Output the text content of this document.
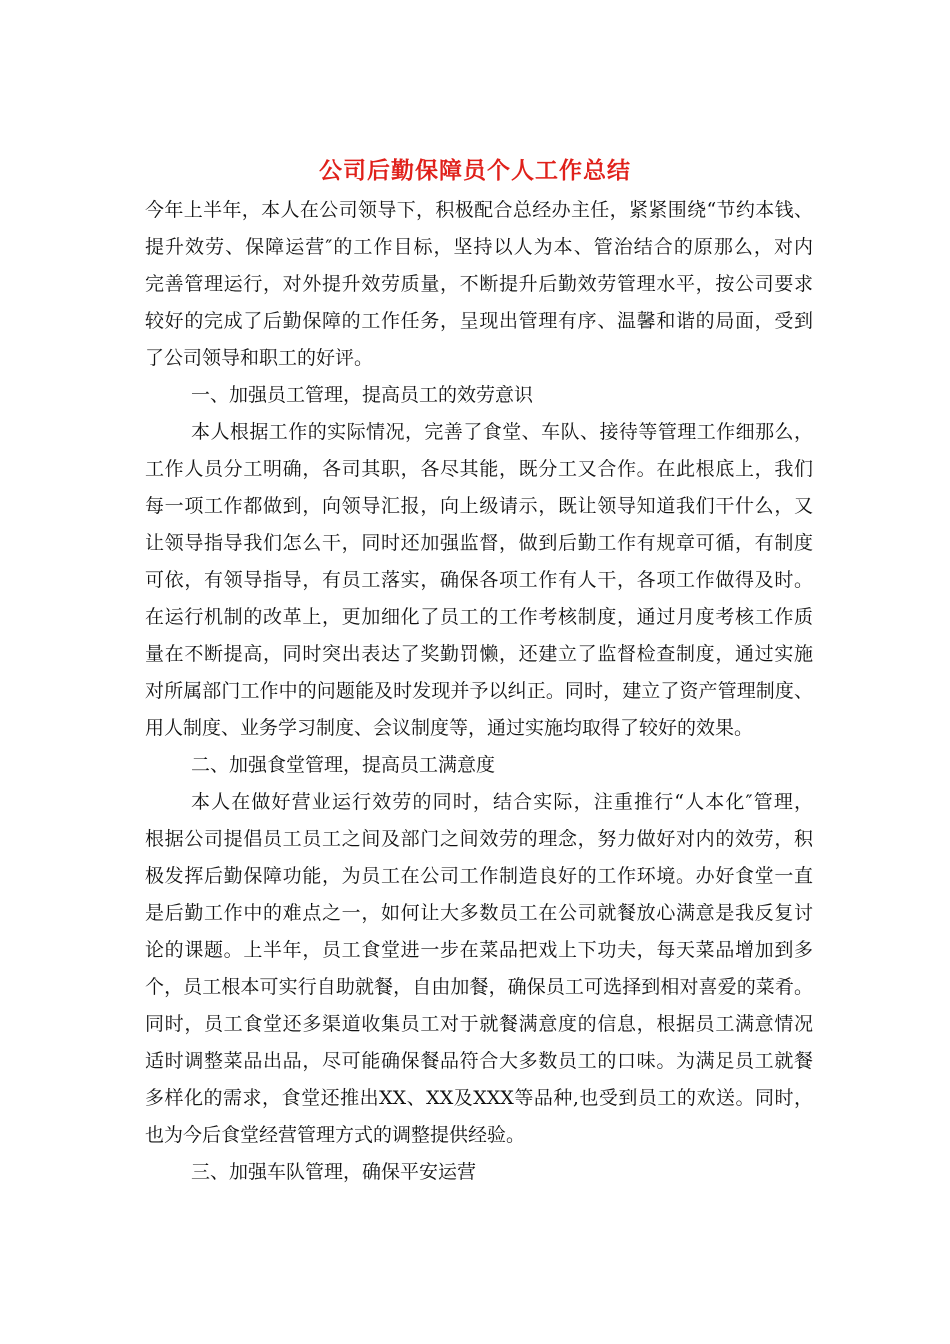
公司后勤保障员个人工作总结

今年上半年，本人在公司领导下，积极配合总经办主任，紧紧围绕“节约本钱、

提升效劳、保障运营″的工作目标，坚持以人为本、管治结合的原那么，对内

完善管理运行，对外提升效劳质量，不断提升后勤效劳管理水平，按公司要求

较好的完成了后勤保障的工作任务，呈现出管理有序、温馨和谐的局面，受到

了公司领导和职工的好评。

一、加强员工管理，提高员工的效劳意识

本人根据工作的实际情况，完善了食堂、车队、接待等管理工作细那么，

工作人员分工明确，各司其职，各尽其能，既分工又合作。在此根底上，我们

每一项工作都做到，向领导汇报，向上级请示，既让领导知道我们干什么，又

让领导指导我们怎么干，同时还加强监督，做到后勤工作有规章可循，有制度

可依，有领导指导，有员工落实，确保各项工作有人干，各项工作做得及时。

在运行机制的改革上，更加细化了员工的工作考核制度，通过月度考核工作质

量在不断提高，同时突出表达了奖勤罚懒，还建立了监督检查制度，通过实施

对所属部门工作中的问题能及时发现并予以纠正。同时，建立了资产管理制度、

用人制度、业务学习制度、会议制度等，通过实施均取得了较好的效果。

二、加强食堂管理，提高员工满意度

本人在做好营业运行效劳的同时，结合实际，注重推行“人本化″管理，

根据公司提倡员工员工之间及部门之间效劳的理念，努力做好对内的效劳，积

极发挥后勤保障功能，为员工在公司工作制造良好的工作环境。办好食堂一直

是后勤工作中的难点之一，如何让大多数员工在公司就餐放心满意是我反复讨

论的课题。上半年，员工食堂进一步在菜品把戏上下功夫，每天菜品增加到多

个，员工根本可实行自助就餐，自由加餐，确保员工可选择到相对喜爱的菜肴。

同时，员工食堂还多渠道收集员工对于就餐满意度的信息，根据员工满意情况

适时调整菜品出品，尽可能确保餐品符合大多数员工的口味。为满足员工就餐

多样化的需求，食堂还推出XX、XX及XXX等品种,也受到员工的欢送。同时，

也为今后食堂经营管理方式的调整提供经验。

三、加强车队管理，确保平安运营
